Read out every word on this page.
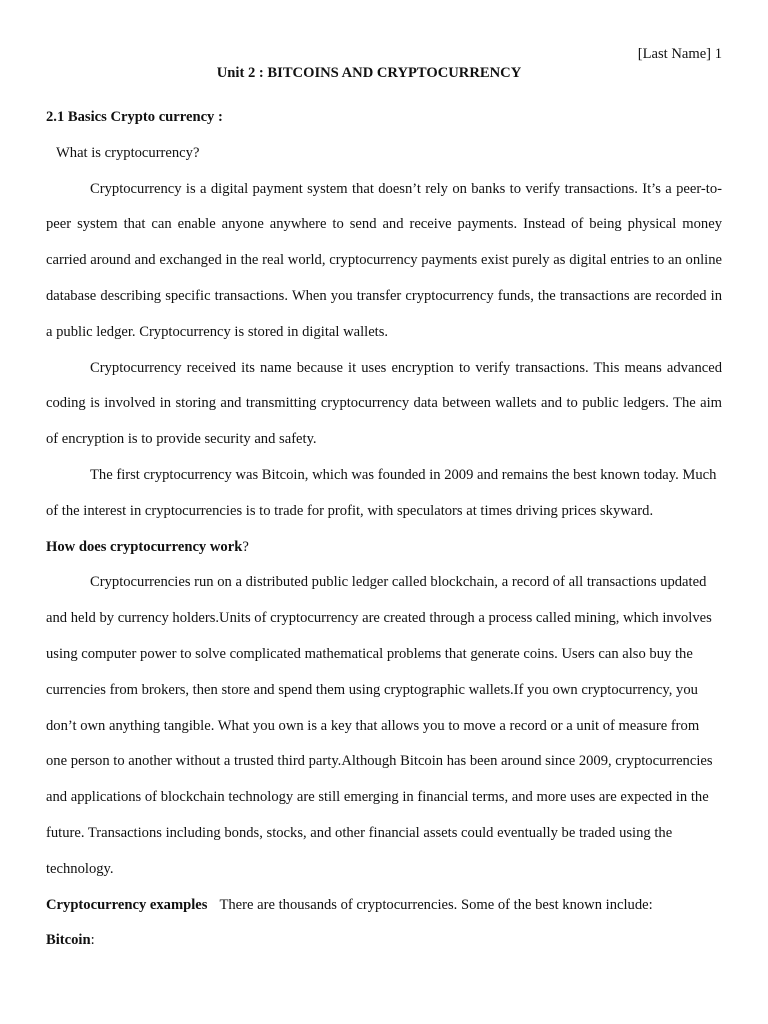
[Last Name] 1
Unit 2 : BITCOINS AND CRYPTOCURRENCY

2.1 Basics Crypto currency :

What is cryptocurrency?

Cryptocurrency is a digital payment system that doesn’t rely on banks to verify transactions. It’s a peer-to-peer system that can enable anyone anywhere to send and receive payments. Instead of being physical money carried around and exchanged in the real world, cryptocurrency payments exist purely as digital entries to an online database describing specific transactions. When you transfer cryptocurrency funds, the transactions are recorded in a public ledger. Cryptocurrency is stored in digital wallets.

Cryptocurrency received its name because it uses encryption to verify transactions. This means advanced coding is involved in storing and transmitting cryptocurrency data between wallets and to public ledgers. The aim of encryption is to provide security and safety.

The first cryptocurrency was Bitcoin, which was founded in 2009 and remains the best known today. Much of the interest in cryptocurrencies is to trade for profit, with speculators at times driving prices skyward.

How does cryptocurrency work?

Cryptocurrencies run on a distributed public ledger called blockchain, a record of all transactions updated and held by currency holders.Units of cryptocurrency are created through a process called mining, which involves using computer power to solve complicated mathematical problems that generate coins. Users can also buy the currencies from brokers, then store and spend them using cryptographic wallets.If you own cryptocurrency, you don’t own anything tangible. What you own is a key that allows you to move a record or a unit of measure from one person to another without a trusted third party.Although Bitcoin has been around since 2009, cryptocurrencies and applications of blockchain technology are still emerging in financial terms, and more uses are expected in the future. Transactions including bonds, stocks, and other financial assets could eventually be traded using the technology.

Cryptocurrency examples There are thousands of cryptocurrencies. Some of the best known include:

Bitcoin:
